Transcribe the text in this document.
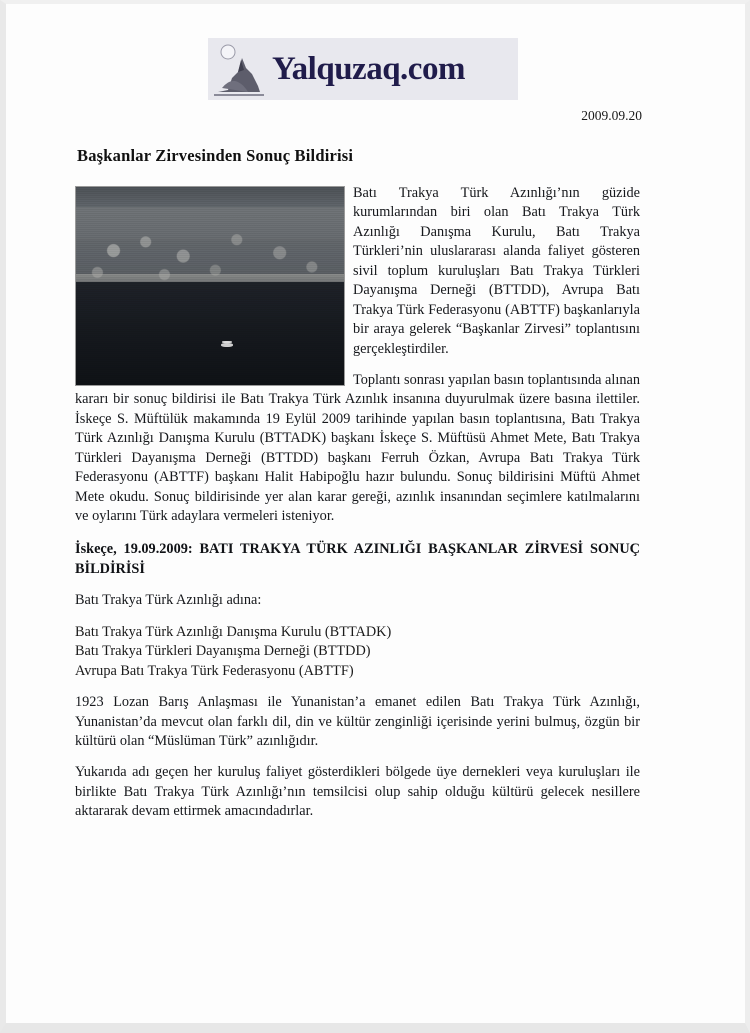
Yalquzaq.com
2009.09.20
Başkanlar Zirvesinden Sonuç Bildirisi

Batı Trakya Türk Azınlığı’nın güzide kurumlarından biri olan Batı Trakya Türk Azınlığı Danışma Kurulu, Batı Trakya Türkleri’nin uluslararası alanda faliyet gösteren sivil toplum kuruluşları Batı Trakya Türkleri Dayanışma Derneği (BTTDD), Avrupa Batı Trakya Türk Federasyonu (ABTTF) başkanlarıyla bir araya gelerek “Başkanlar Zirvesi” toplantısını gerçekleştirdiler.

Toplantı sonrası yapılan basın toplantısında alınan kararı bir sonuç bildirisi ile Batı Trakya Türk Azınlık insanına duyurulmak üzere basına ilettiler. İskeçe S. Müftülük makamında 19 Eylül 2009 tarihinde yapılan basın toplantısına, Batı Trakya Türk Azınlığı Danışma Kurulu (BTTADK) başkanı İskeçe S. Müftüsü Ahmet Mete, Batı Trakya Türkleri Dayanışma Derneği (BTTDD) başkanı Ferruh Özkan, Avrupa Batı Trakya Türk Federasyonu (ABTTF) başkanı Halit Habipoğlu hazır bulundu. Sonuç bildirisini Müftü Ahmet Mete okudu. Sonuç bildirisinde yer alan karar gereği, azınlık insanından seçimlere katılmalarını ve oylarını Türk adaylara vermeleri isteniyor.

İskeçe, 19.09.2009: BATI TRAKYA TÜRK AZINLIĞI BAŞKANLAR ZİRVESİ SONUÇ BİLDİRİSİ

Batı Trakya Türk Azınlığı adına:

Batı Trakya Türk Azınlığı Danışma Kurulu (BTTADK)
Batı Trakya Türkleri Dayanışma Derneği (BTTDD)
Avrupa Batı Trakya Türk Federasyonu (ABTTF)

1923 Lozan Barış Anlaşması ile Yunanistan’a emanet edilen Batı Trakya Türk Azınlığı, Yunanistan’da mevcut olan farklı dil, din ve kültür zenginliği içerisinde yerini bulmuş, özgün bir kültürü olan “Müslüman Türk” azınlığıdır.

Yukarıda adı geçen her kuruluş faliyet gösterdikleri bölgede üye dernekleri veya kuruluşları ile birlikte Batı Trakya Türk Azınlığı’nın temsilcisi olup sahip olduğu kültürü gelecek nesillere aktararak devam ettirmek amacındadırlar.
